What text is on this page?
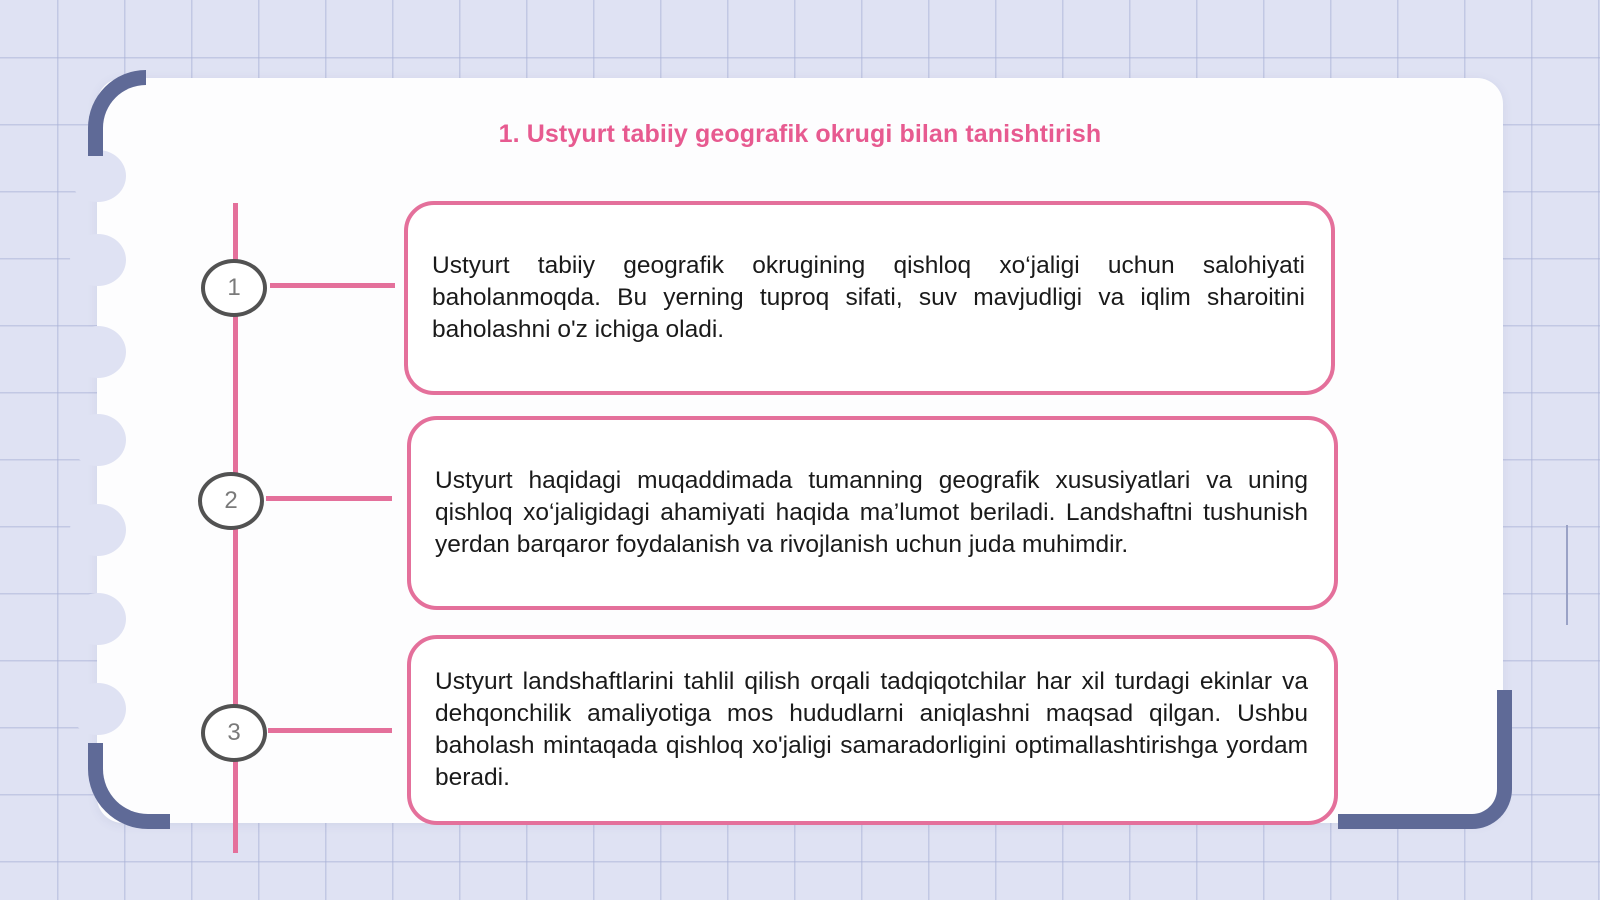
1. Ustyurt tabiiy geografik okrugi bilan tanishtirish
1
2
3

Ustyurt tabiiy geografik okrugining qishloq xo‘jaligi uchun salohiyati baholanmoqda. Bu yerning tuproq sifati, suv mavjudligi va iqlim sharoitini baholashni o'z ichiga oladi.

Ustyurt haqidagi muqaddimada tumanning geografik xususiyatlari va uning qishloq xo‘jaligidagi ahamiyati haqida ma’lumot beriladi. Landshaftni tushunish yerdan barqaror foydalanish va rivojlanish uchun juda muhimdir.

Ustyurt landshaftlarini tahlil qilish orqali tadqiqotchilar har xil turdagi ekinlar va dehqonchilik amaliyotiga mos hududlarni aniqlashni maqsad qilgan. Ushbu baholash mintaqada qishloq xo'jaligi samaradorligini optimallashtirishga yordam beradi.
